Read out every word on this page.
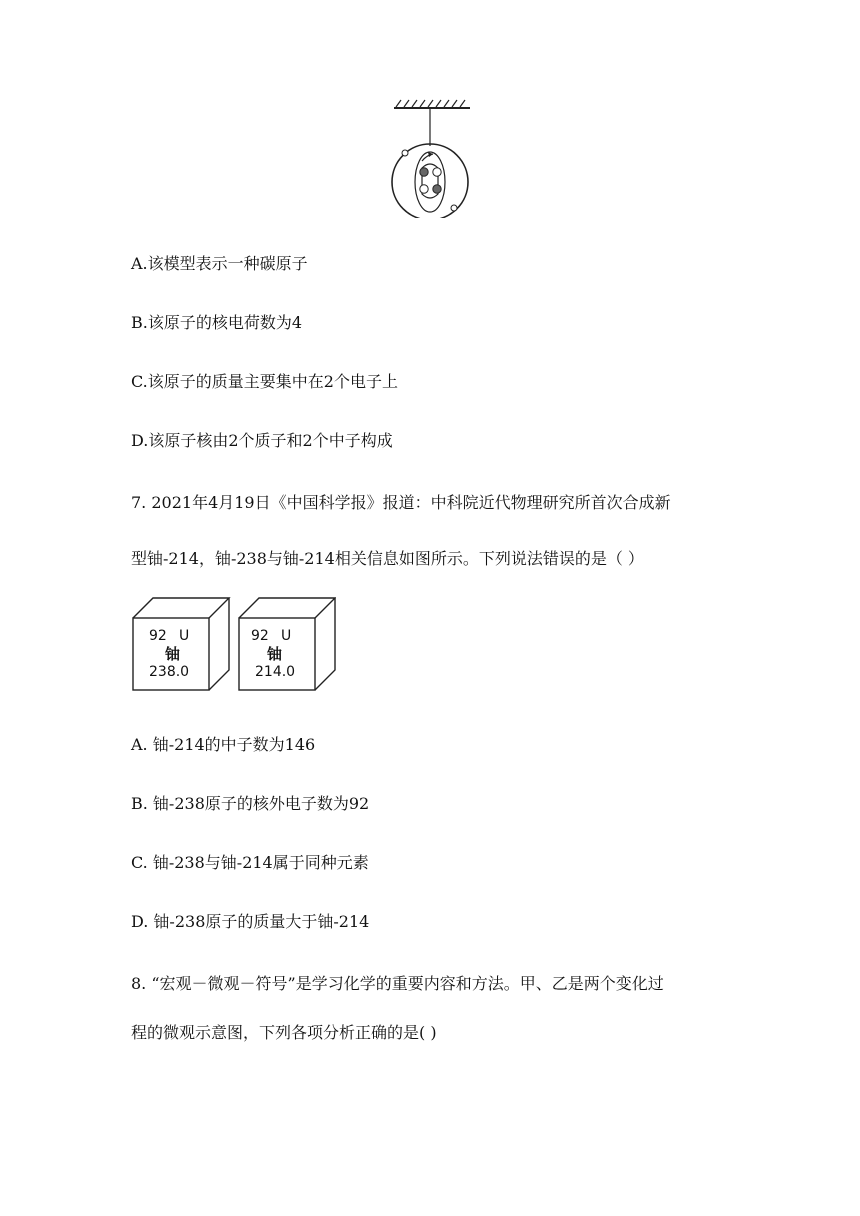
A.该模型表示一种碳原子
B.该原子的核电荷数为4
C.该原子的质量主要集中在2个电子上
D.该原子核由2个质子和2个中子构成
7. 2021年4月19日《中国科学报》报道：中科院近代物理研究所首次合成新
型铀-214，铀-238与铀-214相关信息如图所示。下列说法错误的是（ ）
92 U
铀
238.0
92 U
铀
214.0
A. 铀-214的中子数为146
B. 铀-238原子的核外电子数为92
C. 铀-238与铀-214属于同种元素
D. 铀-238原子的质量大于铀-214
8. “宏观－微观－符号”是学习化学的重要内容和方法。甲、乙是两个变化过
程的微观示意图，下列各项分析正确的是( )
